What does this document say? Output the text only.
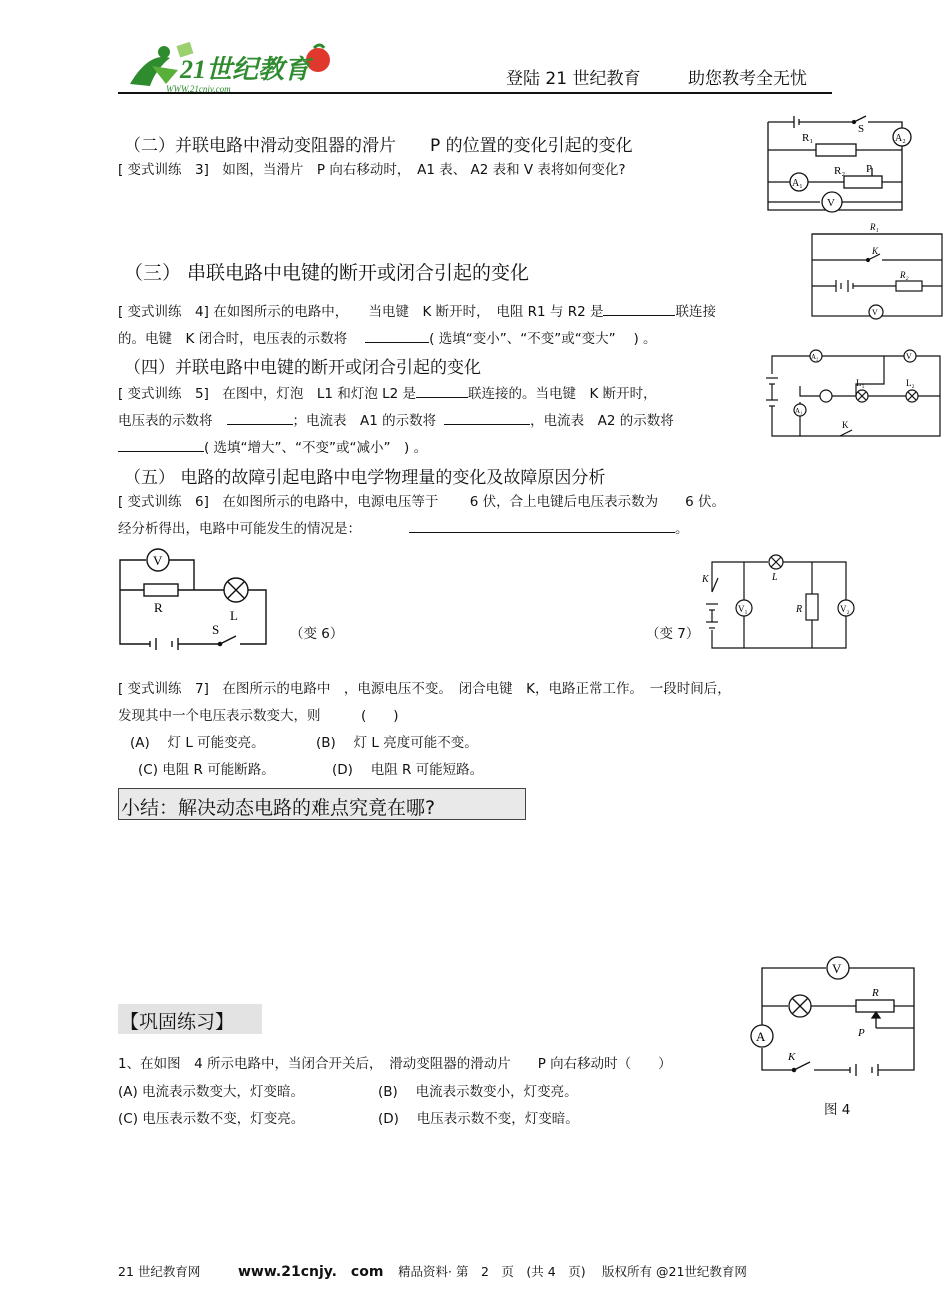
21世纪教育
WWW.21cnjy.com	登陆 21 世纪教育	助您教考全无忧
（二）并联电路中滑动变阻器的滑片　　P 的位置的变化引起的变化
[ 变式训练　3]　如图，当滑片　P 向右移动时，　A1 表、 A2 表和 V 表将如何变化?
R₁
S
A₂
R₂ P
A₁
V
（三） 串联电路中电键的断开或闭合引起的变化
[ 变式训练　4] 在如图所示的电路中，　　当电键　K 断开时，　电阻 R1 与 R2 是	联连接
的。电键　K 闭合时，电压表的示数将	( 选填“变小”、“不变”或“变大”　 ) 。
R₁
K
R₂
V
（四）并联电路中电键的断开或闭合引起的变化
[ 变式训练　5]　在图中，灯泡　L1 和灯泡 L2 是	联连接的。当电键　K 断开时，
电压表的示数将	；电流表　A1 的示数将	，电流表　A2 的示数将
( 选填“增大”、“不变”或“减小”　) 。
A₂	V
A₁
L₁	L₂
K
（五） 电路的故障引起电路中电学物理量的变化及故障原因分析
[ 变式训练　6]　在如图所示的电路中，电源电压等于　　 6 伏，合上电键后电压表示数为　　6 伏。
经分析得出，电路中可能发生的情况是：	。
V
R
L
S	（变 6）	（变 7）
K	L
V₁	R	V₂
[ 变式训练　7]　在图所示的电路中　，电源电压不变。　闭合电键　K，电路正常工作。　一段时间后，
发现其中一个电压表示数变大，则　　　(　　)
(A)　 灯 L 可能变亮。	(B)　 灯 L 亮度可能不变。
(C) 电阻 R 可能断路。	(D)　 电阻 R 可能短路。
小结：解决动态电路的难点究竟在哪?
【巩固练习】
V
R
P
A
K
1、在如图　4 所示电路中，当闭合开关后，　滑动变阻器的滑动片　　P 向右移动时（　　）
(A) 电流表示数变大，灯变暗。	(B)　 电流表示数变小，灯变亮。
(C) 电压表示数不变，灯变亮。	(D)　 电压表示数不变，灯变暗。
图 4
21 世纪教育网	www.21cnjy.　com 精品资料· 第　2　页　(共 4　页)　 版权所有 @21世纪教育网
